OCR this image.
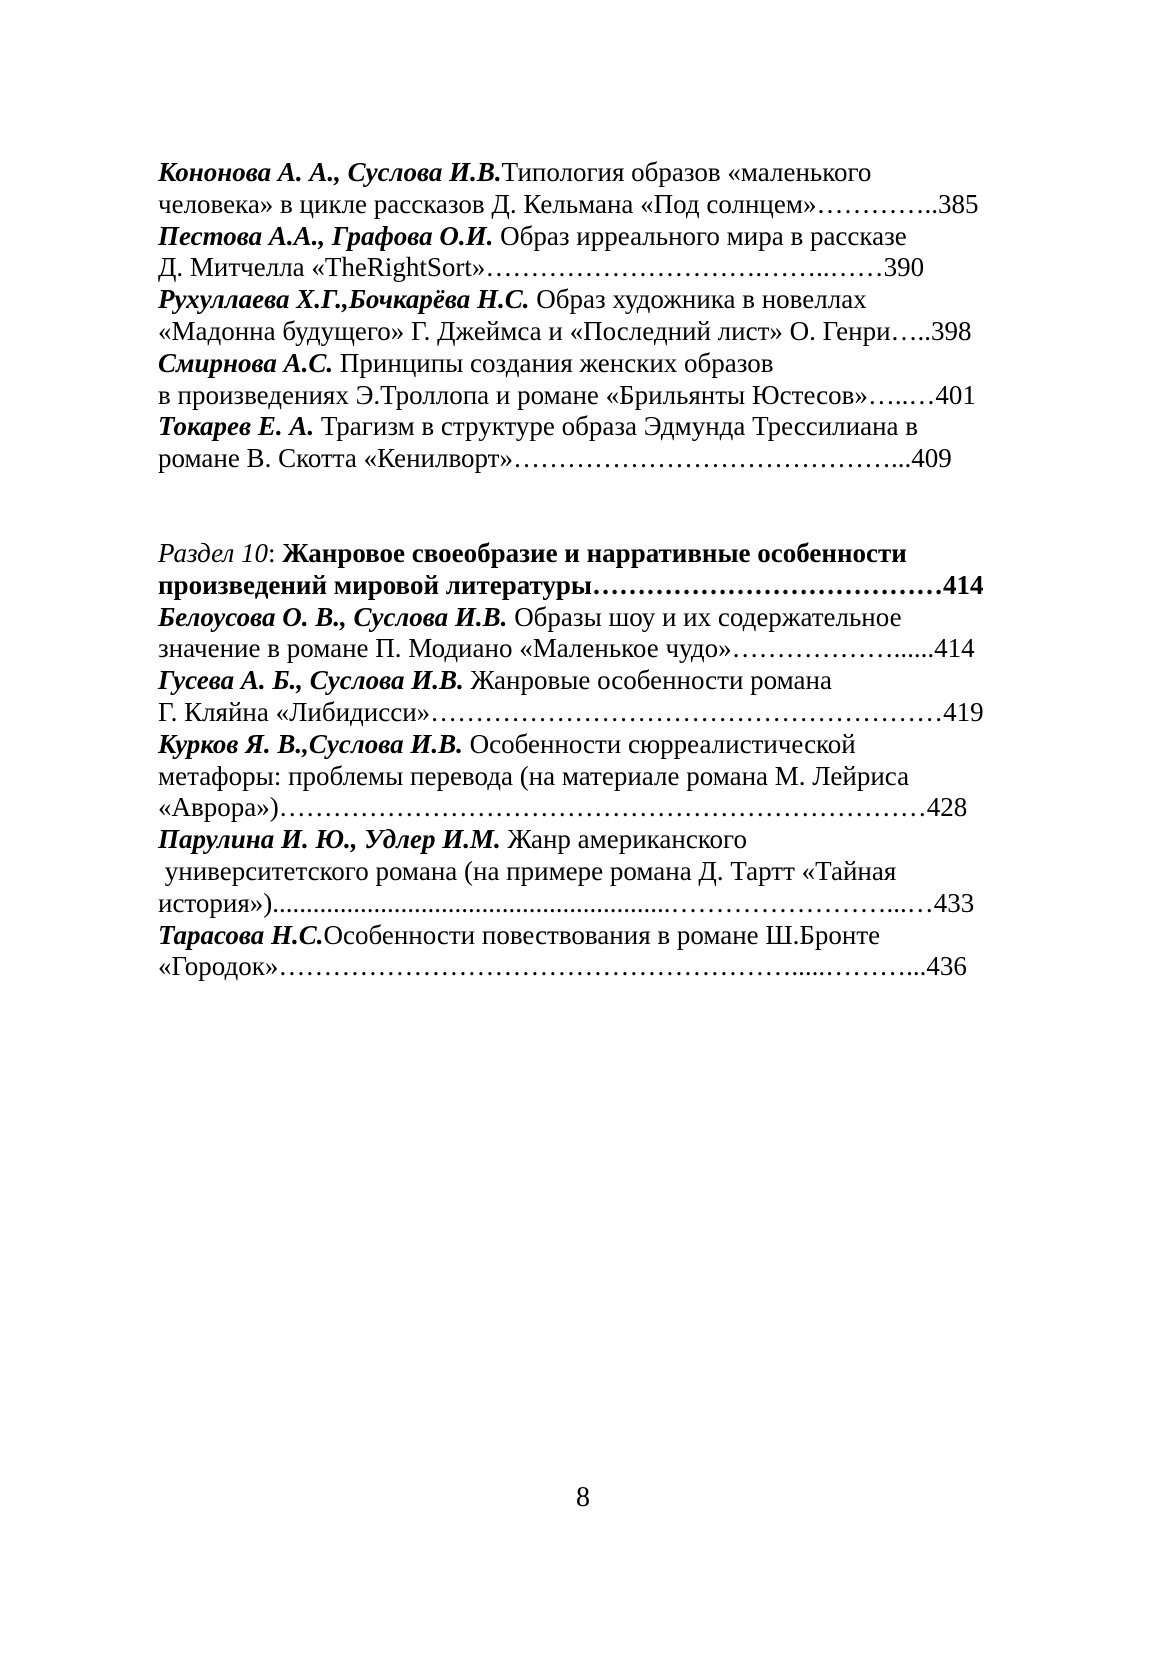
Кононова А. А., Суслова И.В.Типология образов «маленького
человека» в цикле рассказов Д. Кельмана «Под солнцем»…………..385
Пестова А.А., Графова О.И. Образ ирреального мира в рассказе
Д. Митчелла «TheRightSort»………………………….……..……390
Рухуллаева Х.Г.,Бочкарёва Н.С. Образ художника в новеллах
«Мадонна будущего» Г. Джеймса и «Последний лист» О. Генри…..398
Смирнова А.С. Принципы создания женских образов
в произведениях Э.Троллопа и романе «Брильянты Юстесов»…..…401
Токарев Е. А. Трагизм в структуре образа Эдмунда Трессилиана в
романе В. Скотта «Кенилворт»……………………………………...409
Раздел 10: Жанровое своеобразие и нарративные особенности
произведений мировой литературы…………………………………414
Белоусова О. В., Суслова И.В. Образы шоу и их содержательное
значение в романе П. Модиано «Маленькое чудо»………………......414
Гусева А. Б., Суслова И.В. Жанровые особенности романа
Г. Кляйна «Либидисси»…………………………………………………419
Курков Я. В.,Суслова И.В. Особенности сюрреалистической
метафоры: проблемы перевода (на материале романа М. Лейриса
«Аврора»)………………………………………………………………428
Парулина И. Ю., Удлер И.М. Жанр американского
университетского романа (на примере романа Д. Тартт «Тайная
история»)...........................................................……………………...…433
Тарасова Н.С.Особенности повествования в романе Ш.Бронте
«Городок»………………………………………………….....………...436
8
